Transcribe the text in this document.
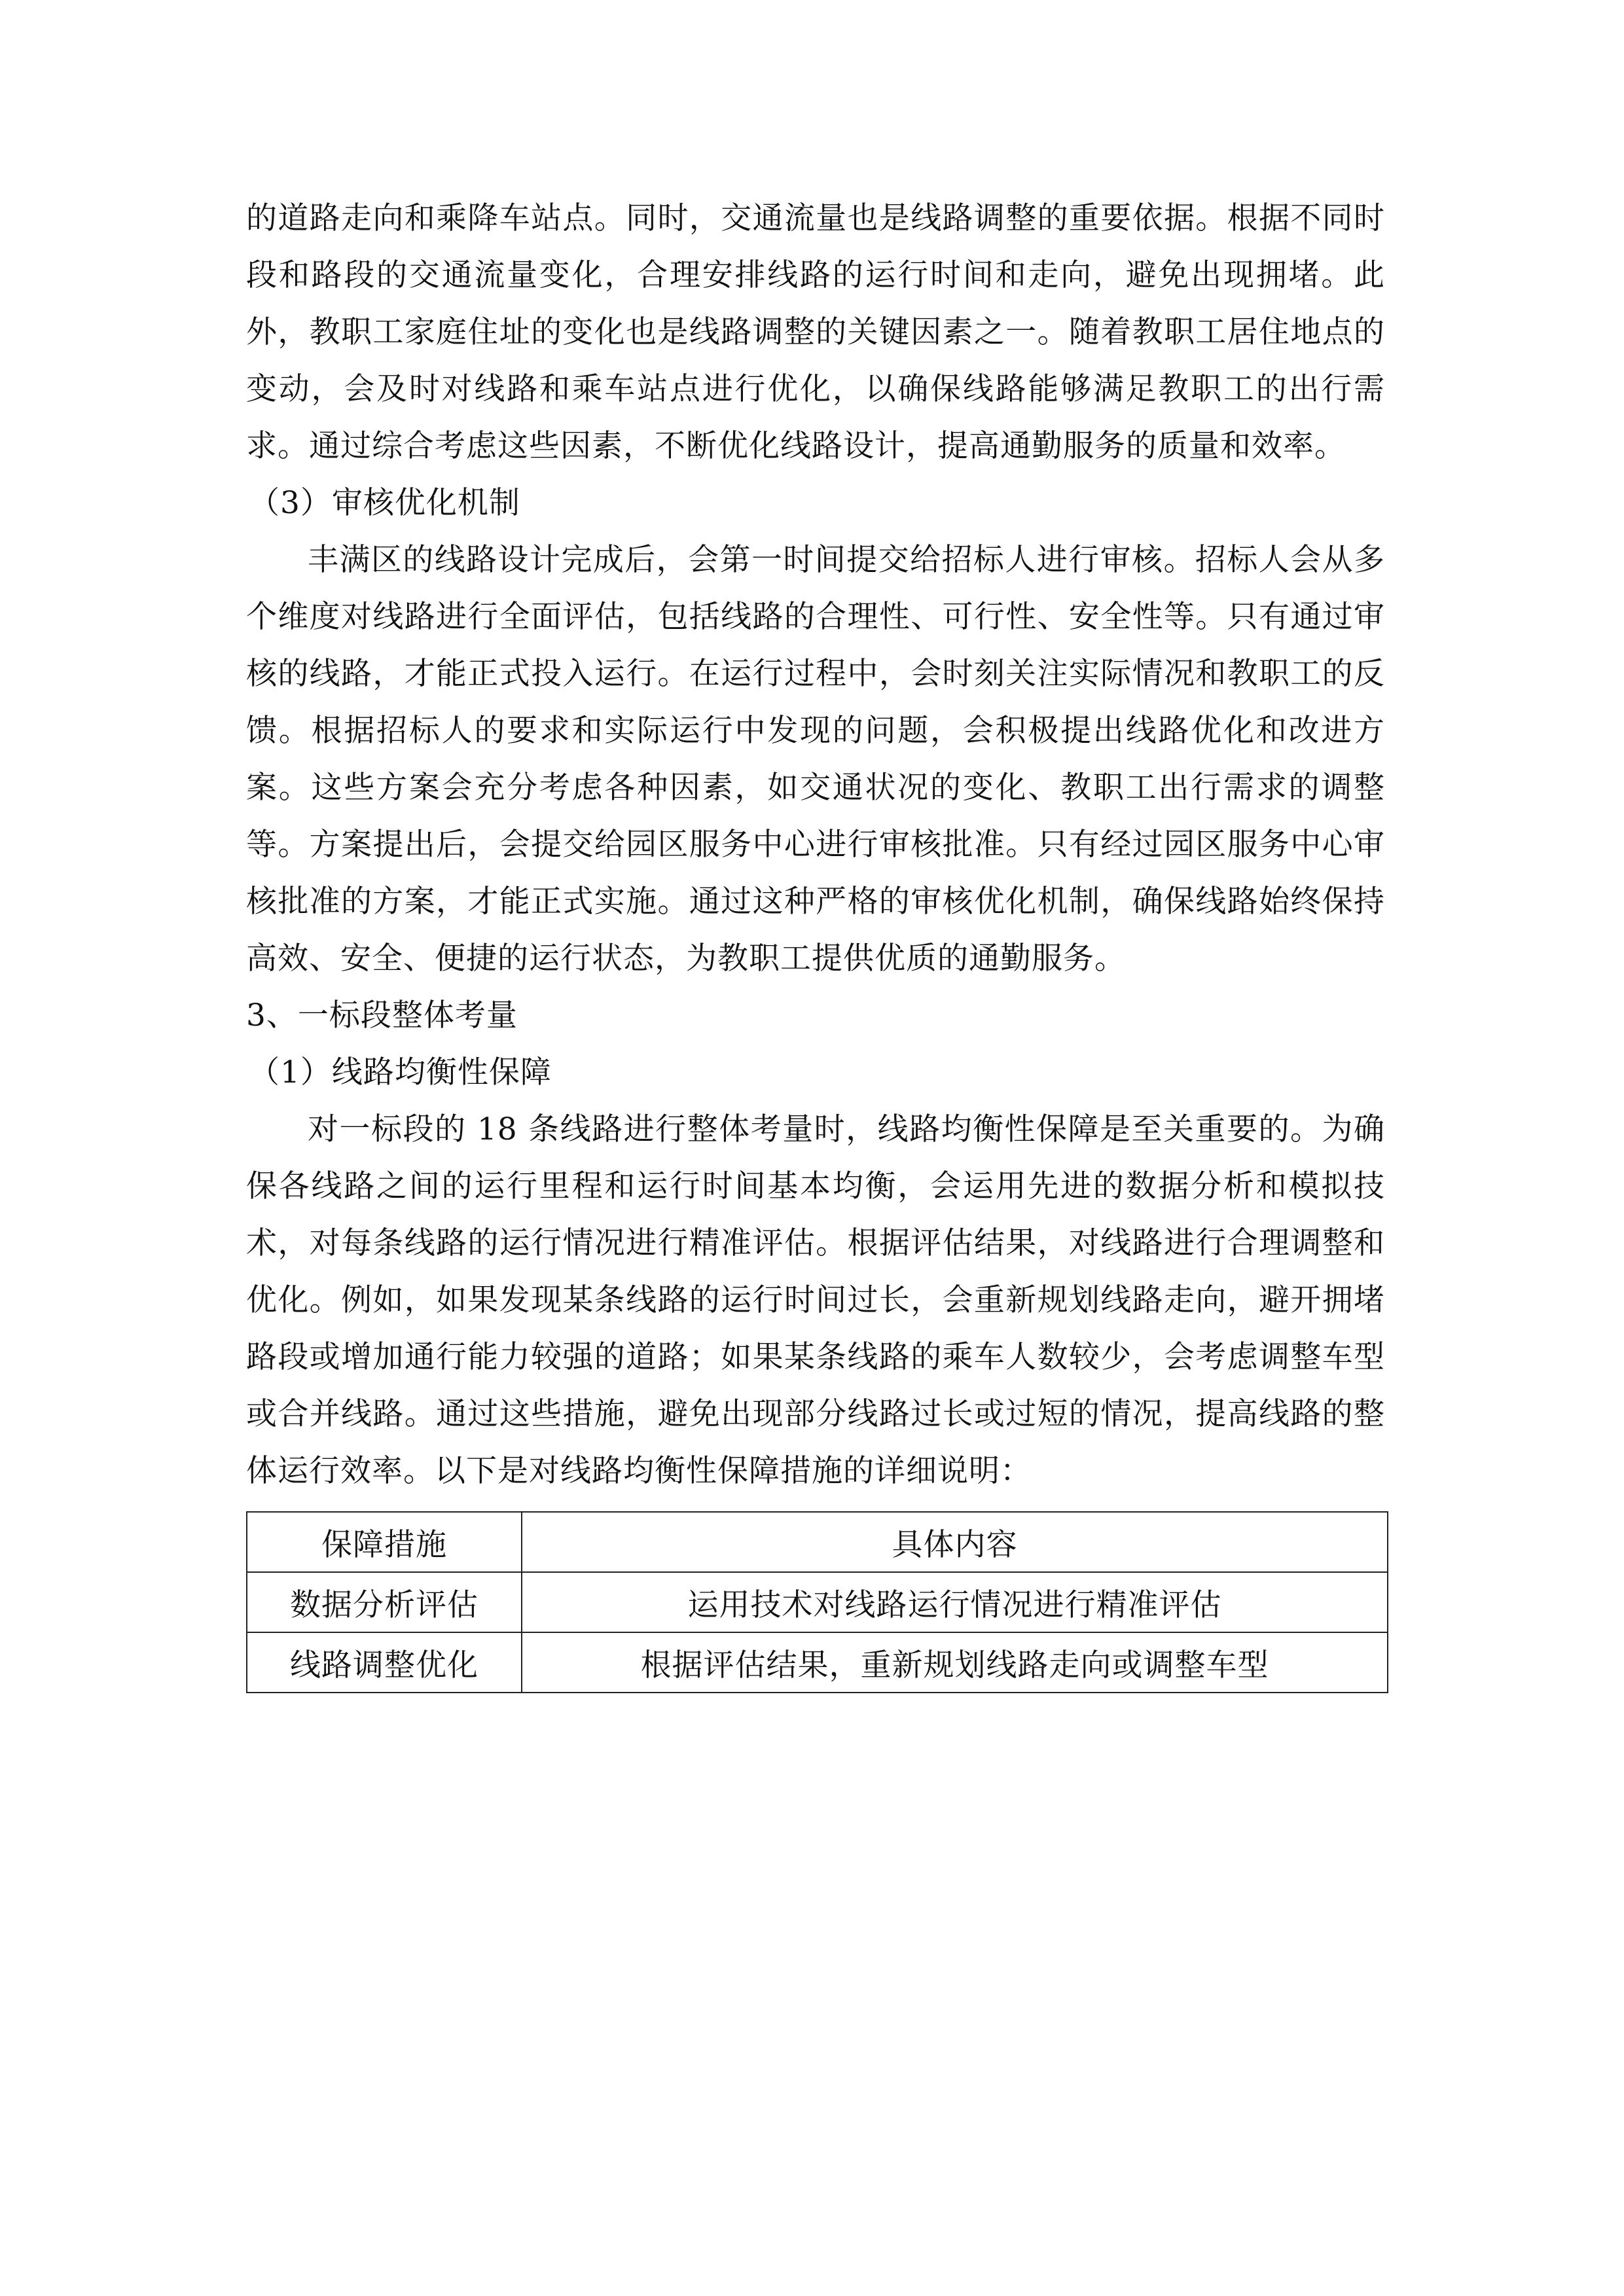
的道路走向和乘降车站点。同时，交通流量也是线路调整的重要依据。根据不同时段和路段的交通流量变化，合理安排线路的运行时间和走向，避免出现拥堵。此外，教职工家庭住址的变化也是线路调整的关键因素之一。随着教职工居住地点的变动，会及时对线路和乘车站点进行优化，以确保线路能够满足教职工的出行需求。通过综合考虑这些因素，不断优化线路设计，提高通勤服务的质量和效率。

（3）审核优化机制

丰满区的线路设计完成后，会第一时间提交给招标人进行审核。招标人会从多个维度对线路进行全面评估，包括线路的合理性、可行性、安全性等。只有通过审核的线路，才能正式投入运行。在运行过程中，会时刻关注实际情况和教职工的反馈。根据招标人的要求和实际运行中发现的问题，会积极提出线路优化和改进方案。这些方案会充分考虑各种因素，如交通状况的变化、教职工出行需求的调整等。方案提出后，会提交给园区服务中心进行审核批准。只有经过园区服务中心审核批准的方案，才能正式实施。通过这种严格的审核优化机制，确保线路始终保持高效、安全、便捷的运行状态，为教职工提供优质的通勤服务。

3、一标段整体考量

（1）线路均衡性保障

对一标段的 18 条线路进行整体考量时，线路均衡性保障是至关重要的。为确保各线路之间的运行里程和运行时间基本均衡，会运用先进的数据分析和模拟技术，对每条线路的运行情况进行精准评估。根据评估结果，对线路进行合理调整和优化。例如，如果发现某条线路的运行时间过长，会重新规划线路走向，避开拥堵路段或增加通行能力较强的道路；如果某条线路的乘车人数较少，会考虑调整车型或合并线路。通过这些措施，避免出现部分线路过长或过短的情况，提高线路的整体运行效率。以下是对线路均衡性保障措施的详细说明：

保障措施	具体内容
数据分析评估	运用技术对线路运行情况进行精准评估
线路调整优化	根据评估结果，重新规划线路走向或调整车型
